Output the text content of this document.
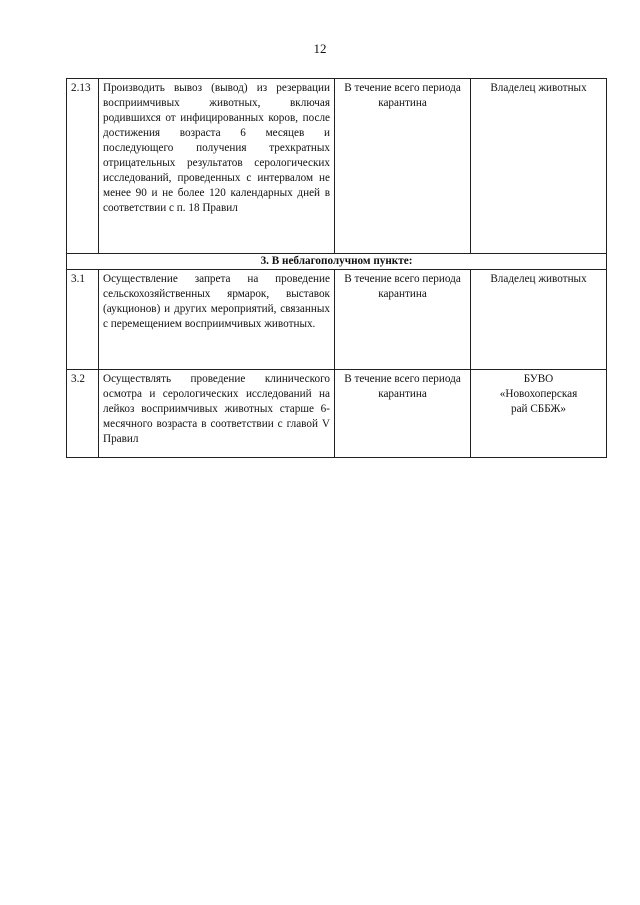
12
2.13	Производить вывоз (вывод) из резервации восприимчивых животных, включая родившихся от инфицированных коров, после достижения возраста 6 месяцев и последующего получения трехкратных отрицательных результатов серологических исследований, проведенных с интервалом не менее 90 и не более 120 календарных дней в соответствии с п. 18 Правил	В течение всего периода карантина	Владелец животных
3. В неблагополучном пункте:			
3.1	Осуществление запрета на проведение сельскохозяйственных ярмарок, выставок (аукционов) и других мероприятий, связанных с перемещением восприимчивых животных.	В течение всего периода карантина	Владелец животных
3.2	Осуществлять проведение клинического осмотра и серологических исследований на лейкоз восприимчивых животных старше 6-месячного возраста в соответствии с главой V Правил	В течение всего периода карантина	БУВО
«Новохоперская
рай СББЖ»
